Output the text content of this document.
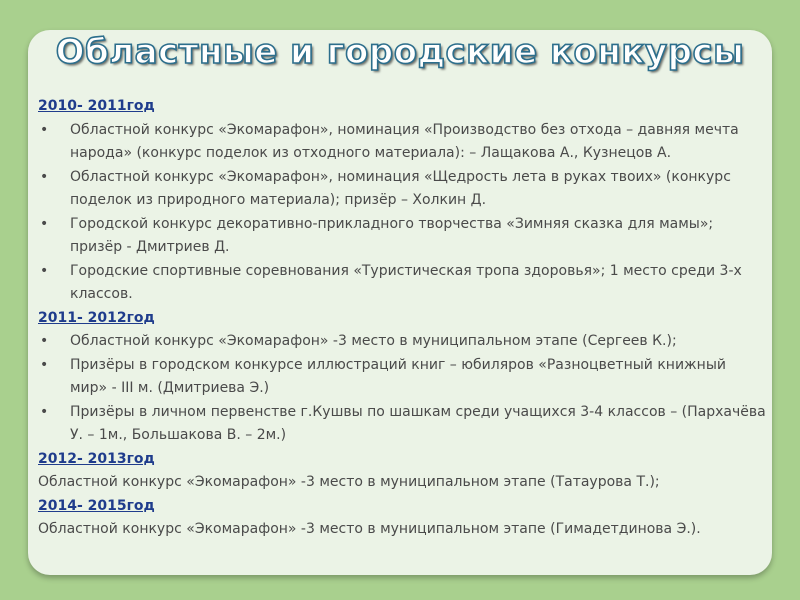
Областные и городские конкурсы
2010- 2011год
• Областной конкурс «Экомарафон», номинация «Производство без отхода – давняя мечта народа» (конкурс поделок из отходного материала): – Лащакова А., Кузнецов А.
• Областной конкурс «Экомарафон», номинация «Щедрость лета в руках твоих» (конкурс поделок из природного материала); призёр – Холкин Д.
• Городской конкурс декоративно-прикладного творчества «Зимняя сказка для мамы»; призёр - Дмитриев Д.
• Городские спортивные соревнования «Туристическая тропа здоровья»; 1 место среди 3-х классов.
2011- 2012год
• Областной конкурс «Экомарафон» -3 место в муниципальном этапе (Сергеев К.);
• Призёры в городском конкурсе иллюстраций книг – юбиляров «Разноцветный книжный мир» - III м. (Дмитриева Э.)
• Призёры в личном первенстве г.Кушвы по шашкам среди учащихся 3-4 классов – (Пархачёва У. – 1м., Большакова В. – 2м.)
2012- 2013год
Областной конкурс «Экомарафон» -3 место в муниципальном этапе (Татаурова Т.);
2014- 2015год
Областной конкурс «Экомарафон» -3 место в муниципальном этапе (Гимадетдинова Э.).
